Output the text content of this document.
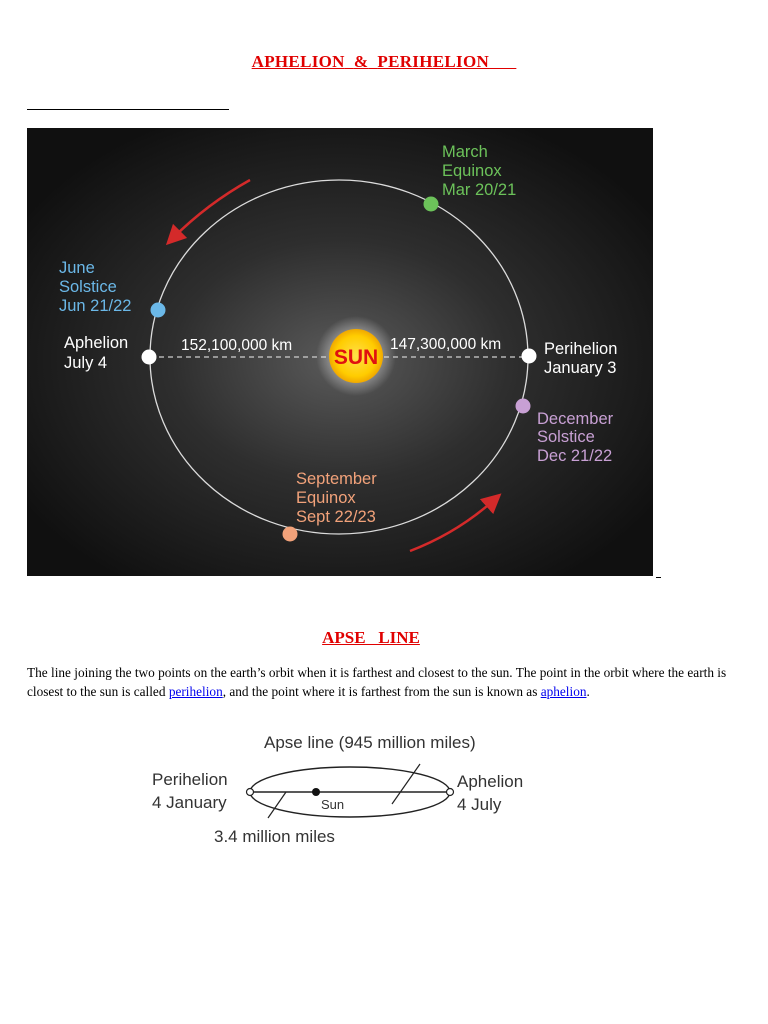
APHELION & PERIHELION
SUN
152,100,000 km	147,300,000 km
March
Equinox
Mar 20/21
June
Solstice
Jun 21/22
Aphelion
July 4
Perihelion
January 3
December
Solstice
Dec 21/22
September
Equinox
Sept 22/23
APSE   LINE
The line joining the two points on the earth’s orbit when it is farthest and closest to the sun. The point in the orbit where the earth is closest to the sun is called perihelion, and the point where it is farthest from the sun is known as aphelion.
Apse line (945 million miles)
Perihelion
4 January
Aphelion
4 July
Sun
3.4 million miles
